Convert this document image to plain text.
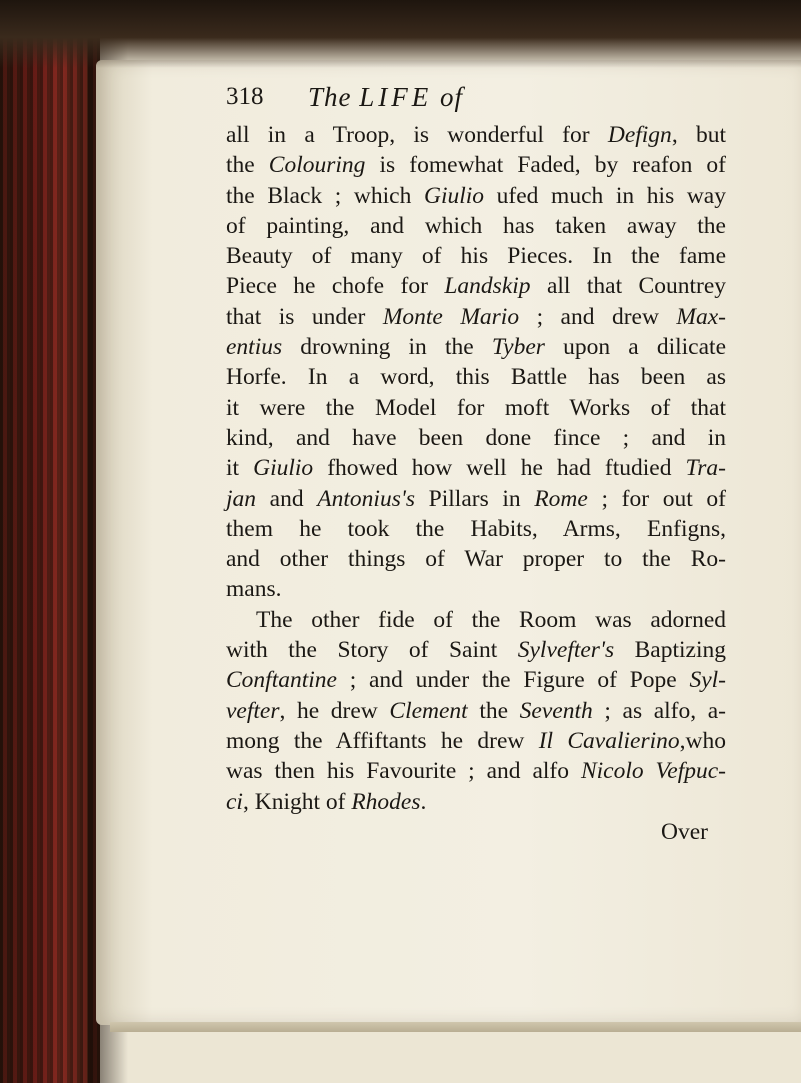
318 The LIFE of
all in a Troop, is wonderful for Defign, but
the Colouring is fomewhat Faded, by reafon of
the Black ; which Giulio ufed much in his way
of painting, and which has taken away the
Beauty of many of his Pieces. In the fame
Piece he chofe for Landskip all that Countrey
that is under Monte Mario ; and drew Max-
entius drowning in the Tyber upon a dilicate
Horfe. In a word, this Battle has been as
it were the Model for moft Works of that
kind, and have been done fince ; and in
it Giulio fhowed how well he had ftudied Tra-
jan and Antonius's Pillars in Rome ; for out of
them he took the Habits, Arms, Enfigns,
and other things of War proper to the Ro-
mans.
The other fide of the Room was adorned
with the Story of Saint Sylvefter's Baptizing
Conftantine ; and under the Figure of Pope Syl-
vefter, he drew Clement the Seventh ; as alfo, a-
mong the Affiftants he drew Il Cavalierino,who
was then his Favourite ; and alfo Nicolo Vefpuc-
ci, Knight of Rhodes.
Over
